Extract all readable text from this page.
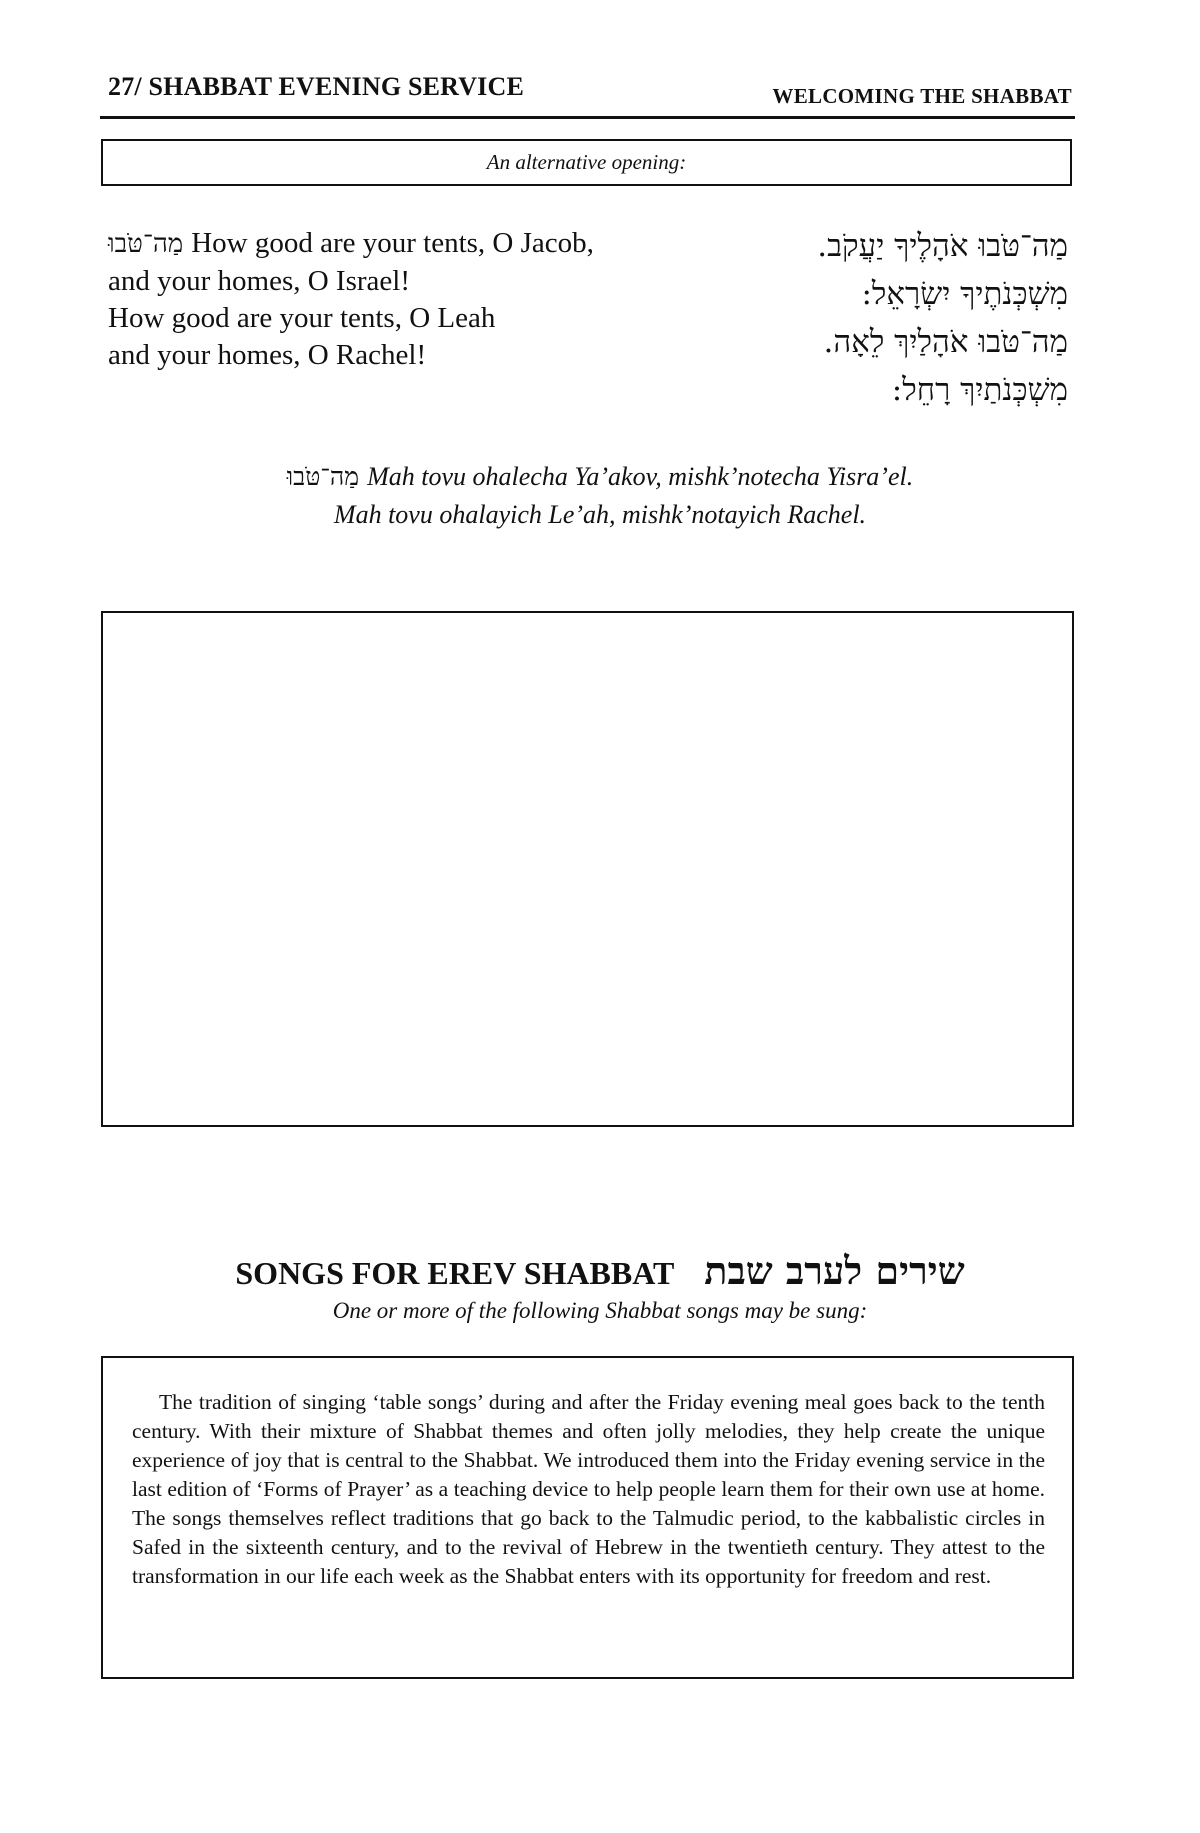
27/ SHABBAT EVENING SERVICE	WELCOMING THE SHABBAT
An alternative opening:
מַה־טֹּבוּ How good are your tents, O Jacob,
and your homes, O Israel!
How good are your tents, O Leah
and your homes, O Rachel!
מַה־טֹּבוּ אֹהָלֶיךָ יַעֲקֹב.
מִשְׁכְּנֹתֶיךָ יִשְׂרָאֵל:
מַה־טֹּבוּ אֹהָלַיִךְ לֵאָה.
מִשְׁכְּנֹתַיִךְ רָחֵל:
מַה־טֹּבוּ Mah tovu ohalecha Ya’akov, mishk’notecha Yisra’el.
Mah tovu ohalayich Le’ah, mishk’notayich Rachel.
SONGS FOR EREV SHABBAT שירים לערב שבת
One or more of the following Shabbat songs may be sung:

The tradition of singing ‘table songs’ during and after the Friday evening meal goes back to the tenth century. With their mixture of Shabbat themes and often jolly melodies, they help create the unique experience of joy that is central to the Shabbat. We introduced them into the Friday evening service in the last edition of ‘Forms of Prayer’ as a teaching device to help people learn them for their own use at home. The songs themselves reflect traditions that go back to the Talmudic period, to the kabbalistic circles in Safed in the sixteenth century, and to the revival of Hebrew in the twentieth century. They attest to the transformation in our life each week as the Shabbat enters with its opportunity for freedom and rest.
